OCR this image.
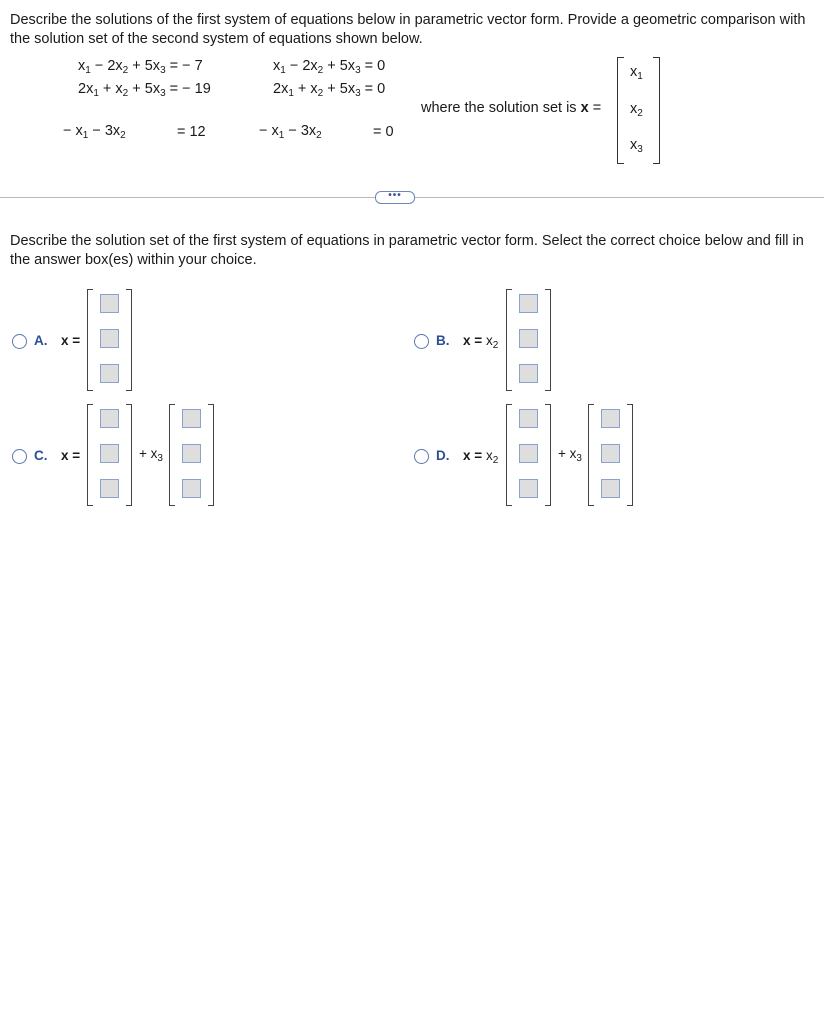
Describe the solutions of the first system of equations below in parametric vector form. Provide a geometric comparison with the solution set of the second system of equations shown below.
$x_1 - 2x_2 + 5x_3$ = − 7
$2x_1 + x_2 + 5x_3$ = − 19
− $x_1 - 3x_2$	= 12
$x_1 - 2x_2 + 5x_3 = 0$
$2x_1 + x_2 + 5x_3 = 0$
− $x_1 - 3x_2$	= 0
where the solution set is x =
$x_1$
$x_2$
$x_3$
•••
Describe the solution set of the first system of equations in parametric vector form. Select the correct choice below and fill in the answer box(es) within your choice.
A. x =	B. $x = x_2$
C. x =	+ $x_3$	D. $x = x_2$	+ $x_3$
